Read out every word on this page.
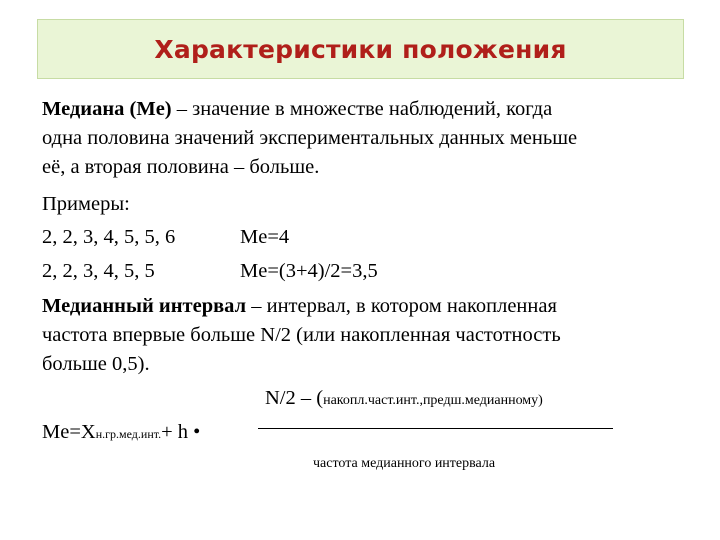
Характеристики положения
Медиана (Me) – значение в множестве наблюдений, когда
одна половина значений экспериментальных данных меньше
её, а вторая половина – больше.
Примеры:
2, 2, 3, 4, 5, 5, 6	Me=4
2, 2, 3, 4, 5, 5	Me=(3+4)/2=3,5
Медианный интервал – интервал, в котором накопленная
частота впервые больше N/2 (или накопленная частотность
больше 0,5).
N/2 – (накопл.част.инт.,предш.медианному)
Me=Xн.гр.мед.инт.+ h •
частота медианного интервала
